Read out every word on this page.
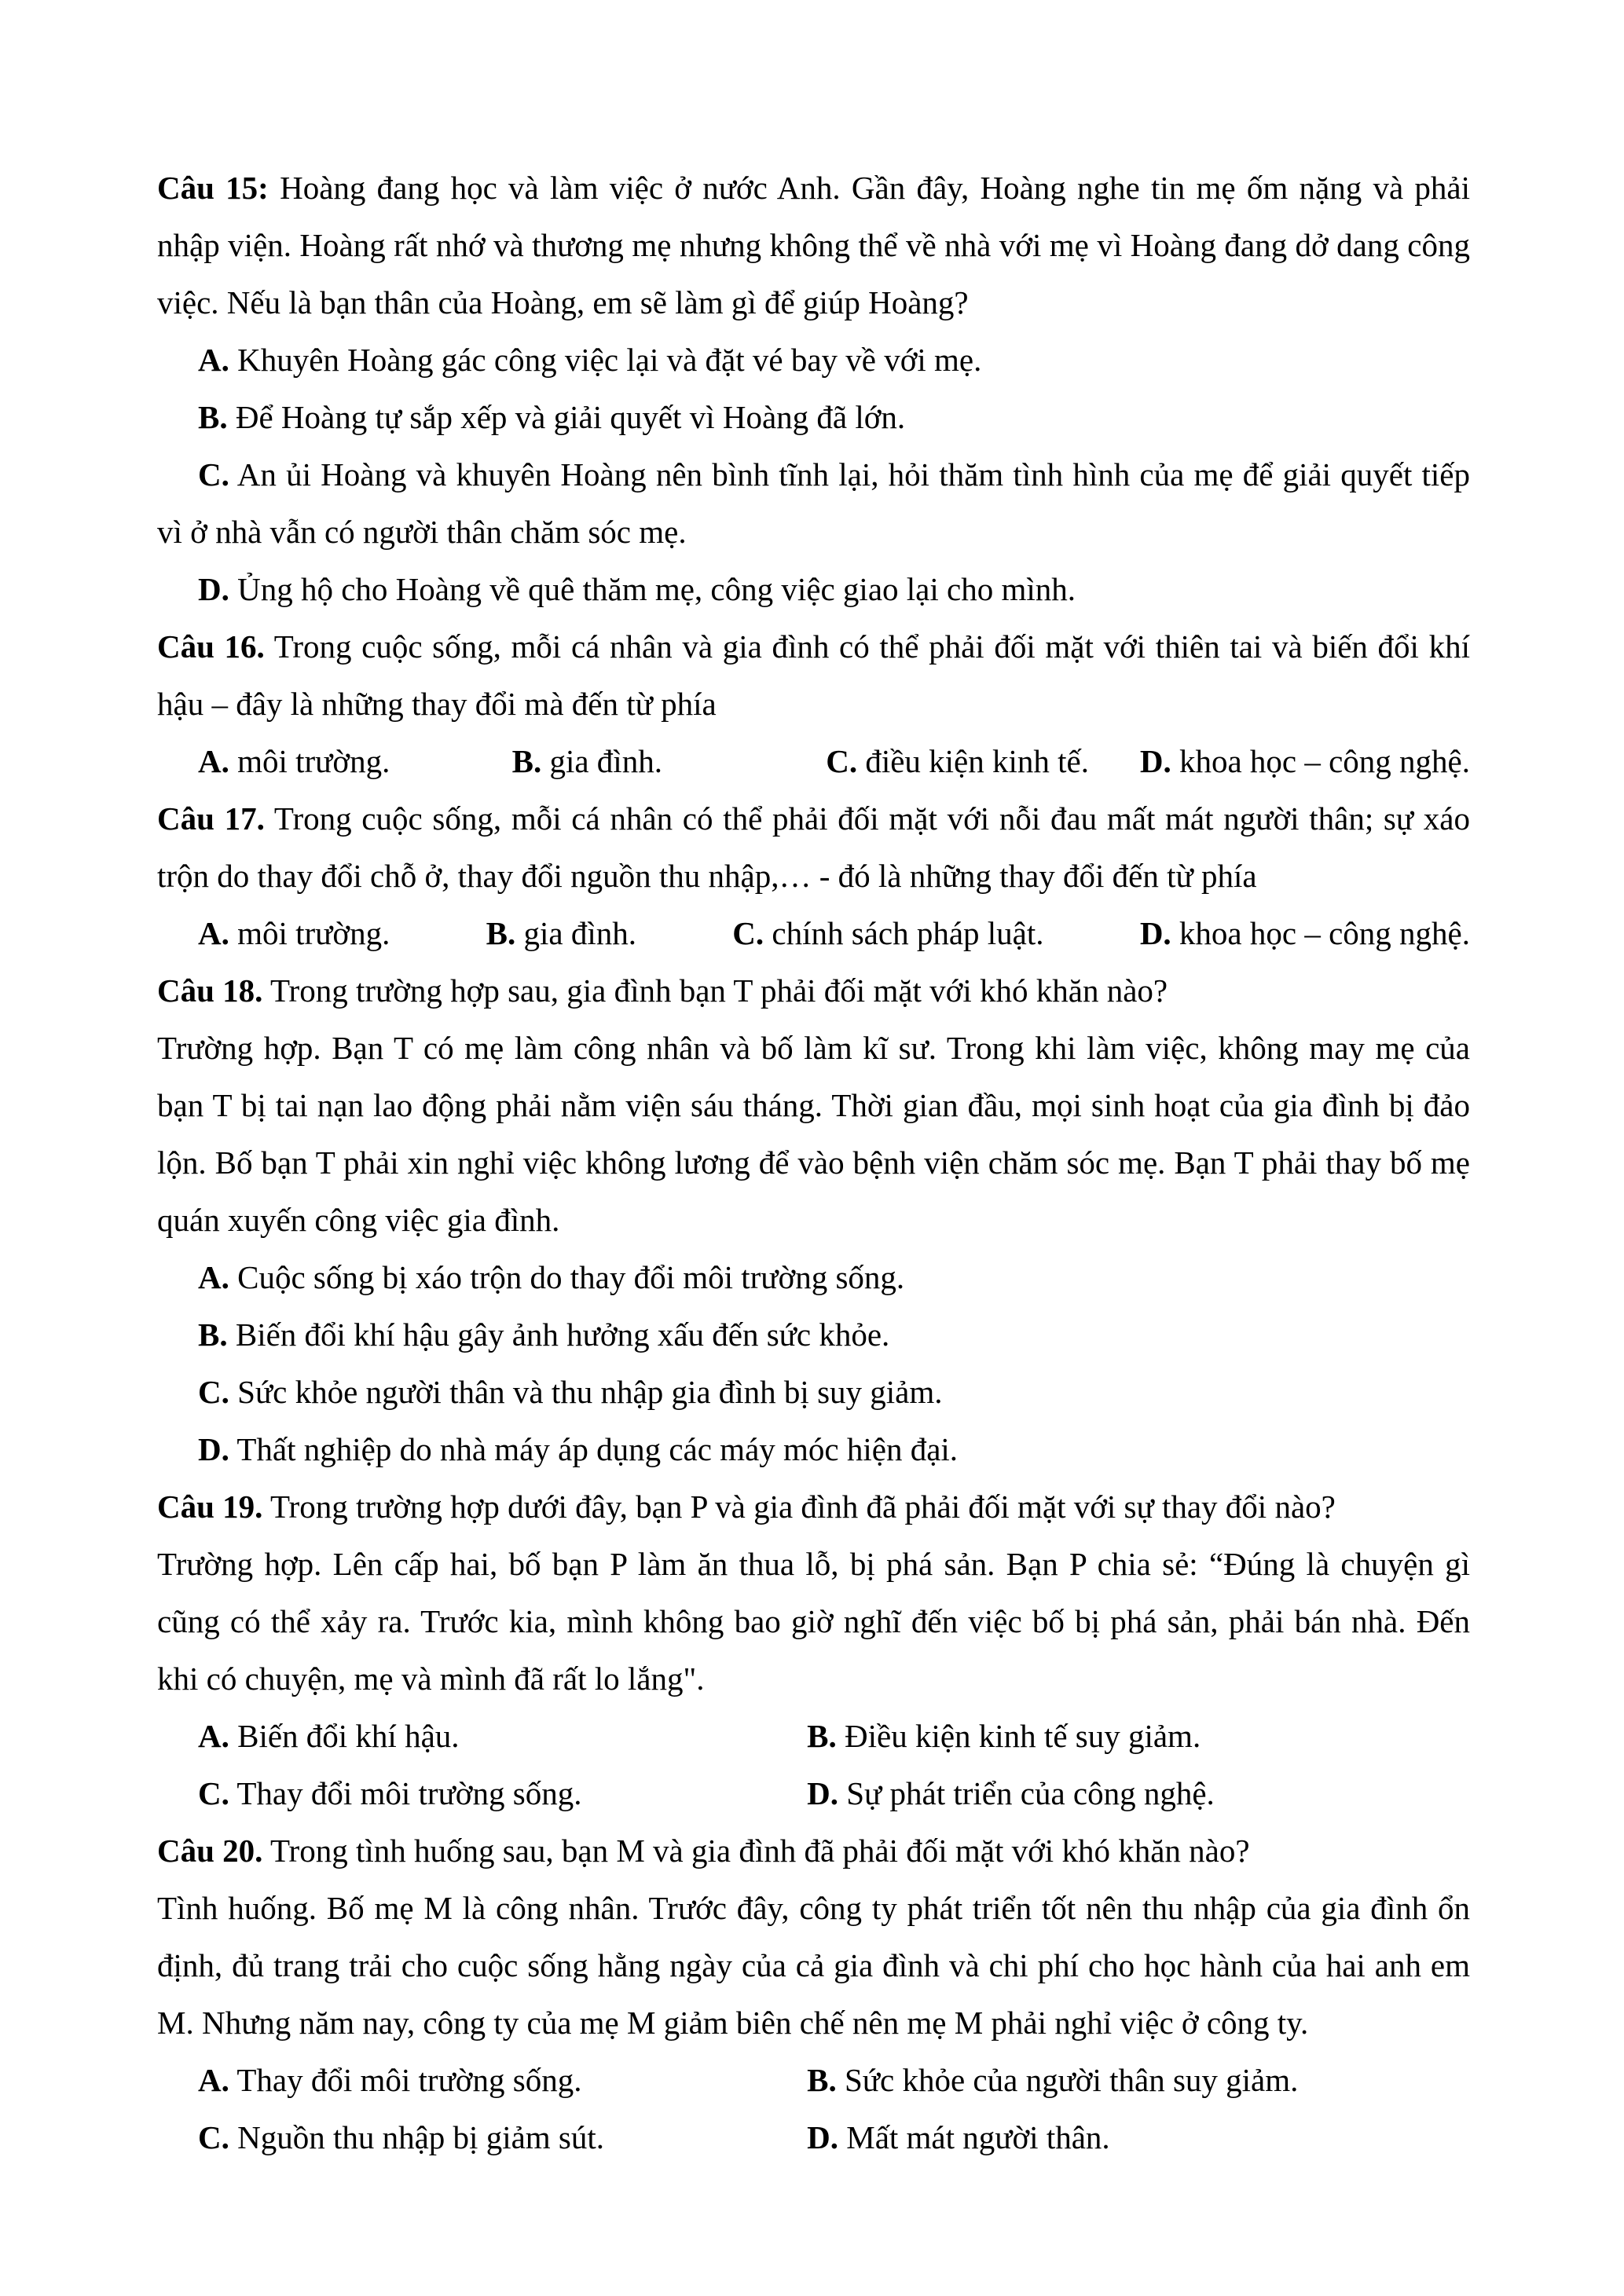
Câu 15: Hoàng đang học và làm việc ở nước Anh. Gần đây, Hoàng nghe tin mẹ ốm nặng và phải nhập viện. Hoàng rất nhớ và thương mẹ nhưng không thể về nhà với mẹ vì Hoàng đang dở dang công việc. Nếu là bạn thân của Hoàng, em sẽ làm gì để giúp Hoàng?

A. Khuyên Hoàng gác công việc lại và đặt vé bay về với mẹ.

B. Để Hoàng tự sắp xếp và giải quyết vì Hoàng đã lớn.

C. An ủi Hoàng và khuyên Hoàng nên bình tĩnh lại, hỏi thăm tình hình của mẹ để giải quyết tiếp vì ở nhà vẫn có người thân chăm sóc mẹ.

D. Ủng hộ cho Hoàng về quê thăm mẹ, công việc giao lại cho mình.

Câu 16. Trong cuộc sống, mỗi cá nhân và gia đình có thể phải đối mặt với thiên tai và biến đổi khí hậu – đây là những thay đổi mà đến từ phía

A. môi trường.	B. gia đình.	C. điều kiện kinh tế.	D. khoa học – công nghệ.

Câu 17. Trong cuộc sống, mỗi cá nhân có thể phải đối mặt với nỗi đau mất mát người thân; sự xáo trộn do thay đổi chỗ ở, thay đổi nguồn thu nhập,… - đó là những thay đổi đến từ phía

A. môi trường.	B. gia đình.	C. chính sách pháp luật.	D. khoa học – công nghệ.

Câu 18. Trong trường hợp sau, gia đình bạn T phải đối mặt với khó khăn nào?

Trường hợp. Bạn T có mẹ làm công nhân và bố làm kĩ sư. Trong khi làm việc, không may mẹ của bạn T bị tai nạn lao động phải nằm viện sáu tháng. Thời gian đầu, mọi sinh hoạt của gia đình bị đảo lộn. Bố bạn T phải xin nghỉ việc không lương để vào bệnh viện chăm sóc mẹ. Bạn T phải thay bố mẹ quán xuyến công việc gia đình.

A. Cuộc sống bị xáo trộn do thay đổi môi trường sống.

B. Biến đổi khí hậu gây ảnh hưởng xấu đến sức khỏe.

C. Sức khỏe người thân và thu nhập gia đình bị suy giảm.

D. Thất nghiệp do nhà máy áp dụng các máy móc hiện đại.

Câu 19. Trong trường hợp dưới đây, bạn P và gia đình đã phải đối mặt với sự thay đổi nào?

Trường hợp. Lên cấp hai, bố bạn P làm ăn thua lỗ, bị phá sản. Bạn P chia sẻ: “Đúng là chuyện gì cũng có thể xảy ra. Trước kia, mình không bao giờ nghĩ đến việc bố bị phá sản, phải bán nhà. Đến khi có chuyện, mẹ và mình đã rất lo lắng".

A. Biến đổi khí hậu.	B. Điều kiện kinh tế suy giảm.
C. Thay đổi môi trường sống.	D. Sự phát triển của công nghệ.

Câu 20. Trong tình huống sau, bạn M và gia đình đã phải đối mặt với khó khăn nào?

Tình huống. Bố mẹ M là công nhân. Trước đây, công ty phát triển tốt nên thu nhập của gia đình ổn định, đủ trang trải cho cuộc sống hằng ngày của cả gia đình và chi phí cho học hành của hai anh em M. Nhưng năm nay, công ty của mẹ M giảm biên chế nên mẹ M phải nghỉ việc ở công ty.

A. Thay đổi môi trường sống.	B. Sức khỏe của người thân suy giảm.
C. Nguồn thu nhập bị giảm sút.	D. Mất mát người thân.
